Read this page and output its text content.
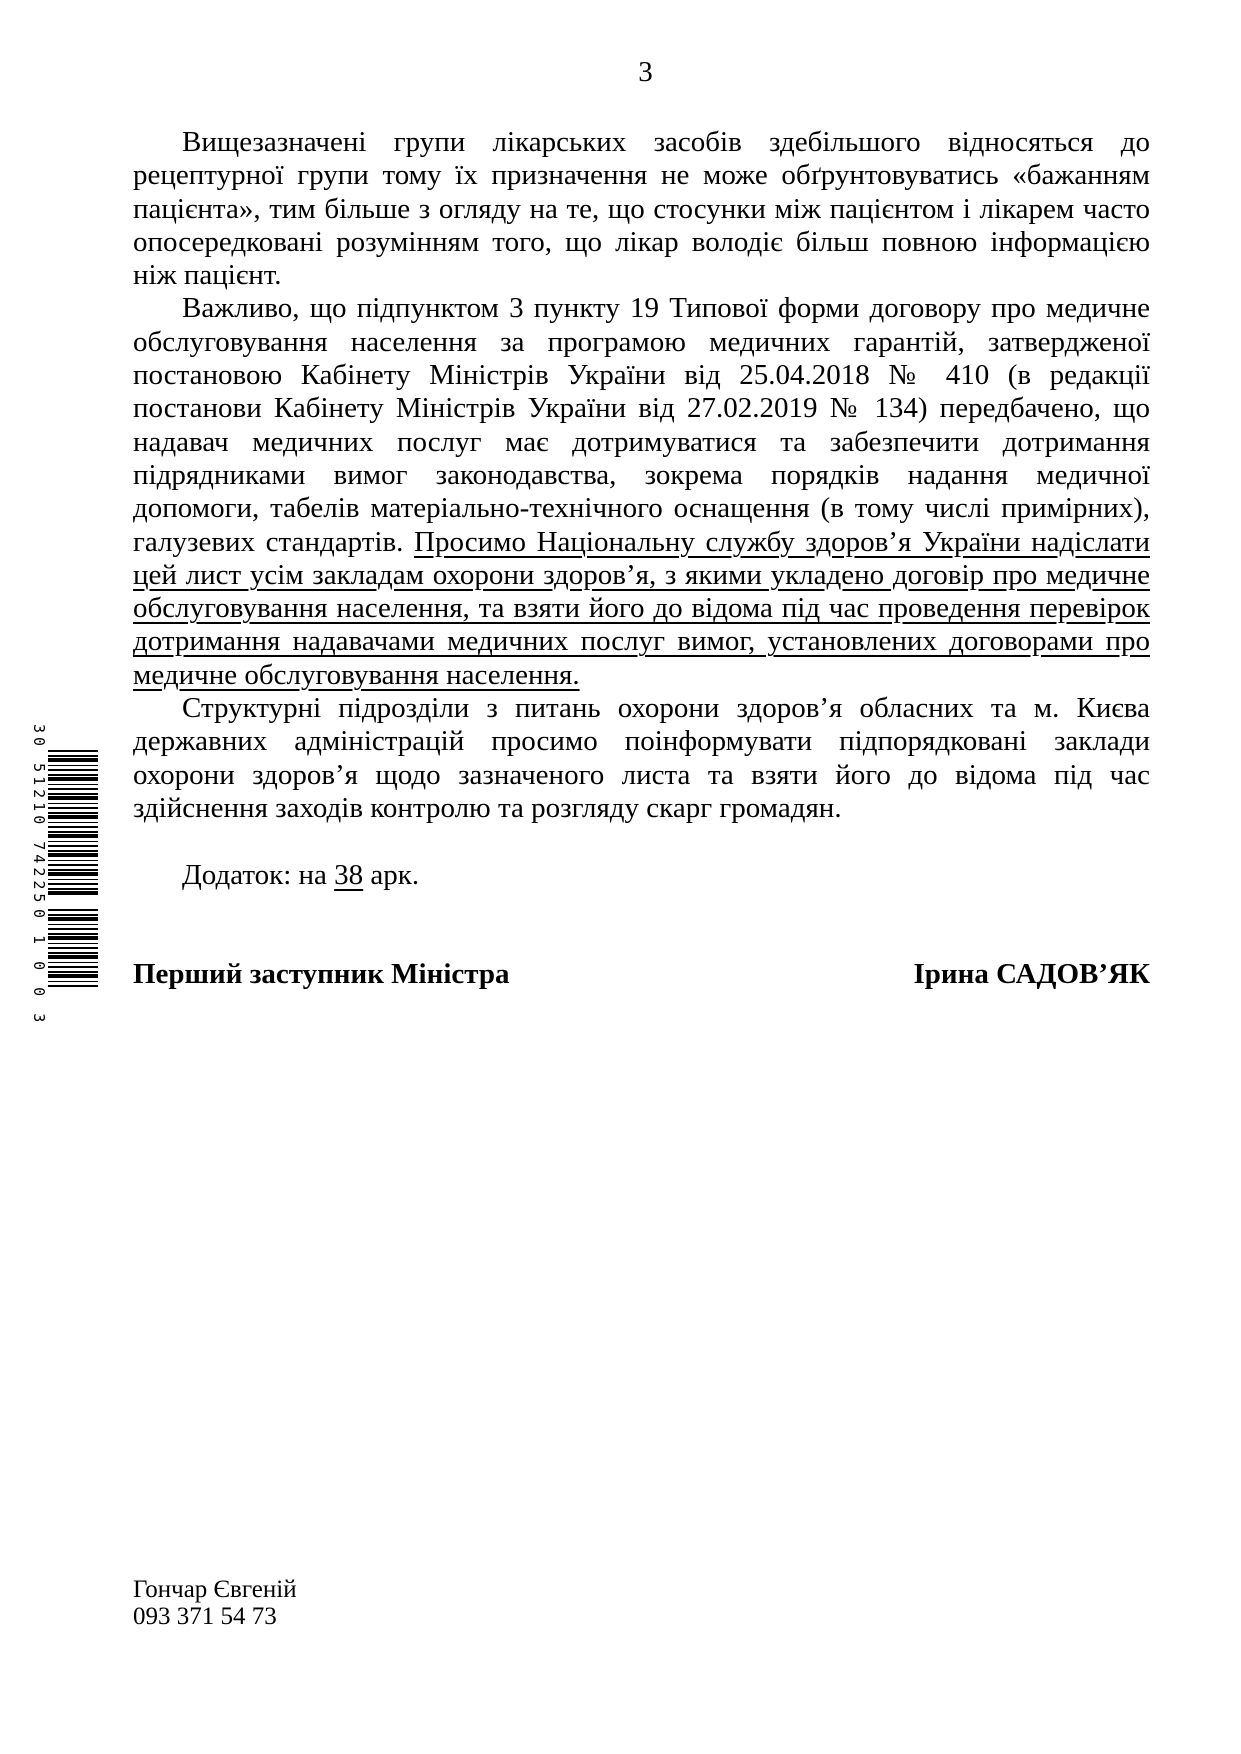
3

Вищезазначені групи лікарських засобів здебільшого відносяться до рецептурної групи тому їх призначення не може обґрунтовуватись «бажанням пацієнта», тим більше з огляду на те, що стосунки між пацієнтом і лікарем часто опосередковані розумінням того, що лікар володіє більш повною інформацією ніж пацієнт.

Важливо, що підпунктом 3 пункту 19 Типової форми договору про медичне обслуговування населення за програмою медичних гарантій, затвердженої постановою Кабінету Міністрів України від 25.04.2018 № 410 (в редакції постанови Кабінету Міністрів України від 27.02.2019 № 134) передбачено, що надавач медичних послуг має дотримуватися та забезпечити дотримання підрядниками вимог законодавства, зокрема порядків надання медичної допомоги, табелів матеріально-технічного оснащення (в тому числі примірних), галузевих стандартів. Просимо Національну службу здоров’я України надіслати цей лист усім закладам охорони здоров’я, з якими укладено договір про медичне обслуговування населення, та взяти його до відома під час проведення перевірок дотримання надавачами медичних послуг вимог, установлених договорами про медичне обслуговування населення.

Структурні підрозділи з питань охорони здоров’я обласних та м. Києва державних адміністрацій просимо поінформувати підпорядковані заклади охорони здоров’я щодо зазначеного листа та взяти його до відома під час здійснення заходів контролю та розгляду скарг громадян.

Додаток: на 38 арк.

Перший заступник Міністра	Ірина САДОВ’ЯК
30 51210 74225
0 1 0 0 3
Гончар Євгеній
093 371 54 73
